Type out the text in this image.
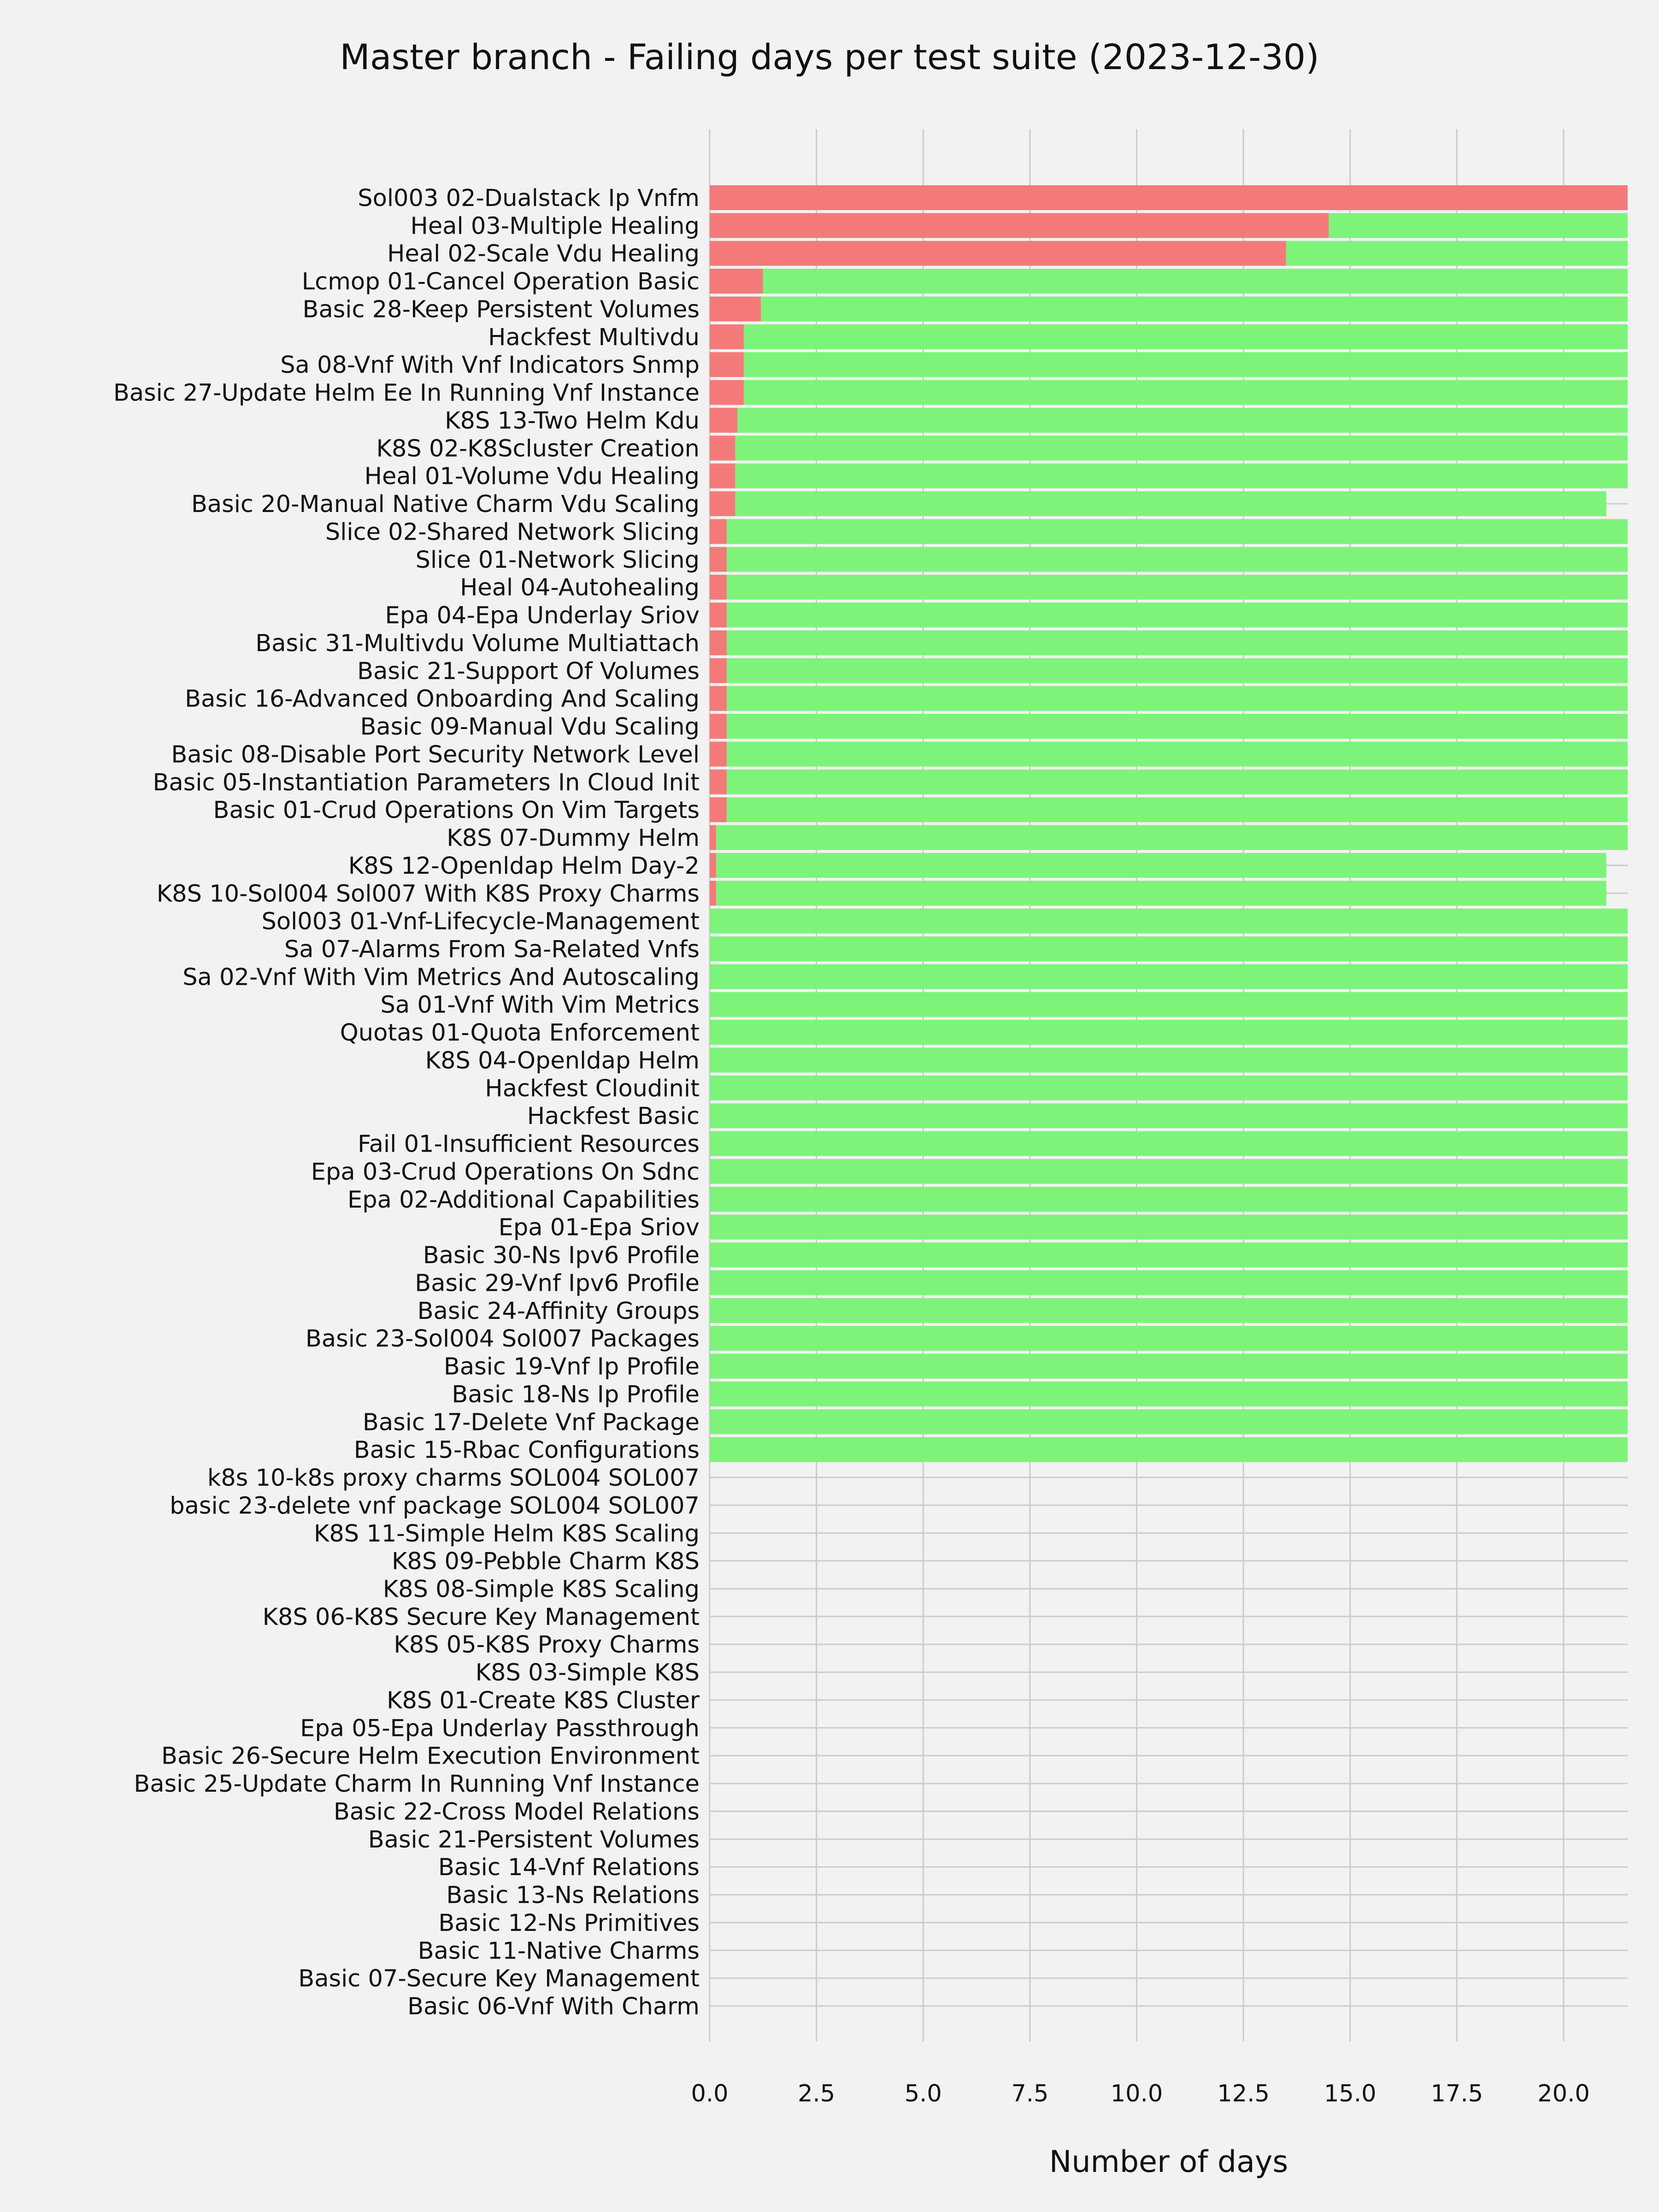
Master branch - Failing days per test suite (2023-12-30)
Sol003 02-Dualstack Ip Vnfm
Heal 03-Multiple Healing
Heal 02-Scale Vdu Healing
Lcmop 01-Cancel Operation Basic
Basic 28-Keep Persistent Volumes
Hackfest Multivdu
Sa 08-Vnf With Vnf Indicators Snmp
Basic 27-Update Helm Ee In Running Vnf Instance
K8S 13-Two Helm Kdu
K8S 02-K8Scluster Creation
Heal 01-Volume Vdu Healing
Basic 20-Manual Native Charm Vdu Scaling
Slice 02-Shared Network Slicing
Slice 01-Network Slicing
Heal 04-Autohealing
Epa 04-Epa Underlay Sriov
Basic 31-Multivdu Volume Multiattach
Basic 21-Support Of Volumes
Basic 16-Advanced Onboarding And Scaling
Basic 09-Manual Vdu Scaling
Basic 08-Disable Port Security Network Level
Basic 05-Instantiation Parameters In Cloud Init
Basic 01-Crud Operations On Vim Targets
K8S 07-Dummy Helm
K8S 12-Openldap Helm Day-2
K8S 10-Sol004 Sol007 With K8S Proxy Charms
Sol003 01-Vnf-Lifecycle-Management
Sa 07-Alarms From Sa-Related Vnfs
Sa 02-Vnf With Vim Metrics And Autoscaling
Sa 01-Vnf With Vim Metrics
Quotas 01-Quota Enforcement
K8S 04-Openldap Helm
Hackfest Cloudinit
Hackfest Basic
Fail 01-Insufficient Resources
Epa 03-Crud Operations On Sdnc
Epa 02-Additional Capabilities
Epa 01-Epa Sriov
Basic 30-Ns Ipv6 Profile
Basic 29-Vnf Ipv6 Profile
Basic 24-Affinity Groups
Basic 23-Sol004 Sol007 Packages
Basic 19-Vnf Ip Profile
Basic 18-Ns Ip Profile
Basic 17-Delete Vnf Package
Basic 15-Rbac Configurations
k8s 10-k8s proxy charms SOL004 SOL007
basic 23-delete vnf package SOL004 SOL007
K8S 11-Simple Helm K8S Scaling
K8S 09-Pebble Charm K8S
K8S 08-Simple K8S Scaling
K8S 06-K8S Secure Key Management
K8S 05-K8S Proxy Charms
K8S 03-Simple K8S
K8S 01-Create K8S Cluster
Epa 05-Epa Underlay Passthrough
Basic 26-Secure Helm Execution Environment
Basic 25-Update Charm In Running Vnf Instance
Basic 22-Cross Model Relations
Basic 21-Persistent Volumes
Basic 14-Vnf Relations
Basic 13-Ns Relations
Basic 12-Ns Primitives
Basic 11-Native Charms
Basic 07-Secure Key Management
Basic 06-Vnf With Charm
0.0	2.5	5.0	7.5	10.0 12.5 15.0 17.5 20.0
Number of days
